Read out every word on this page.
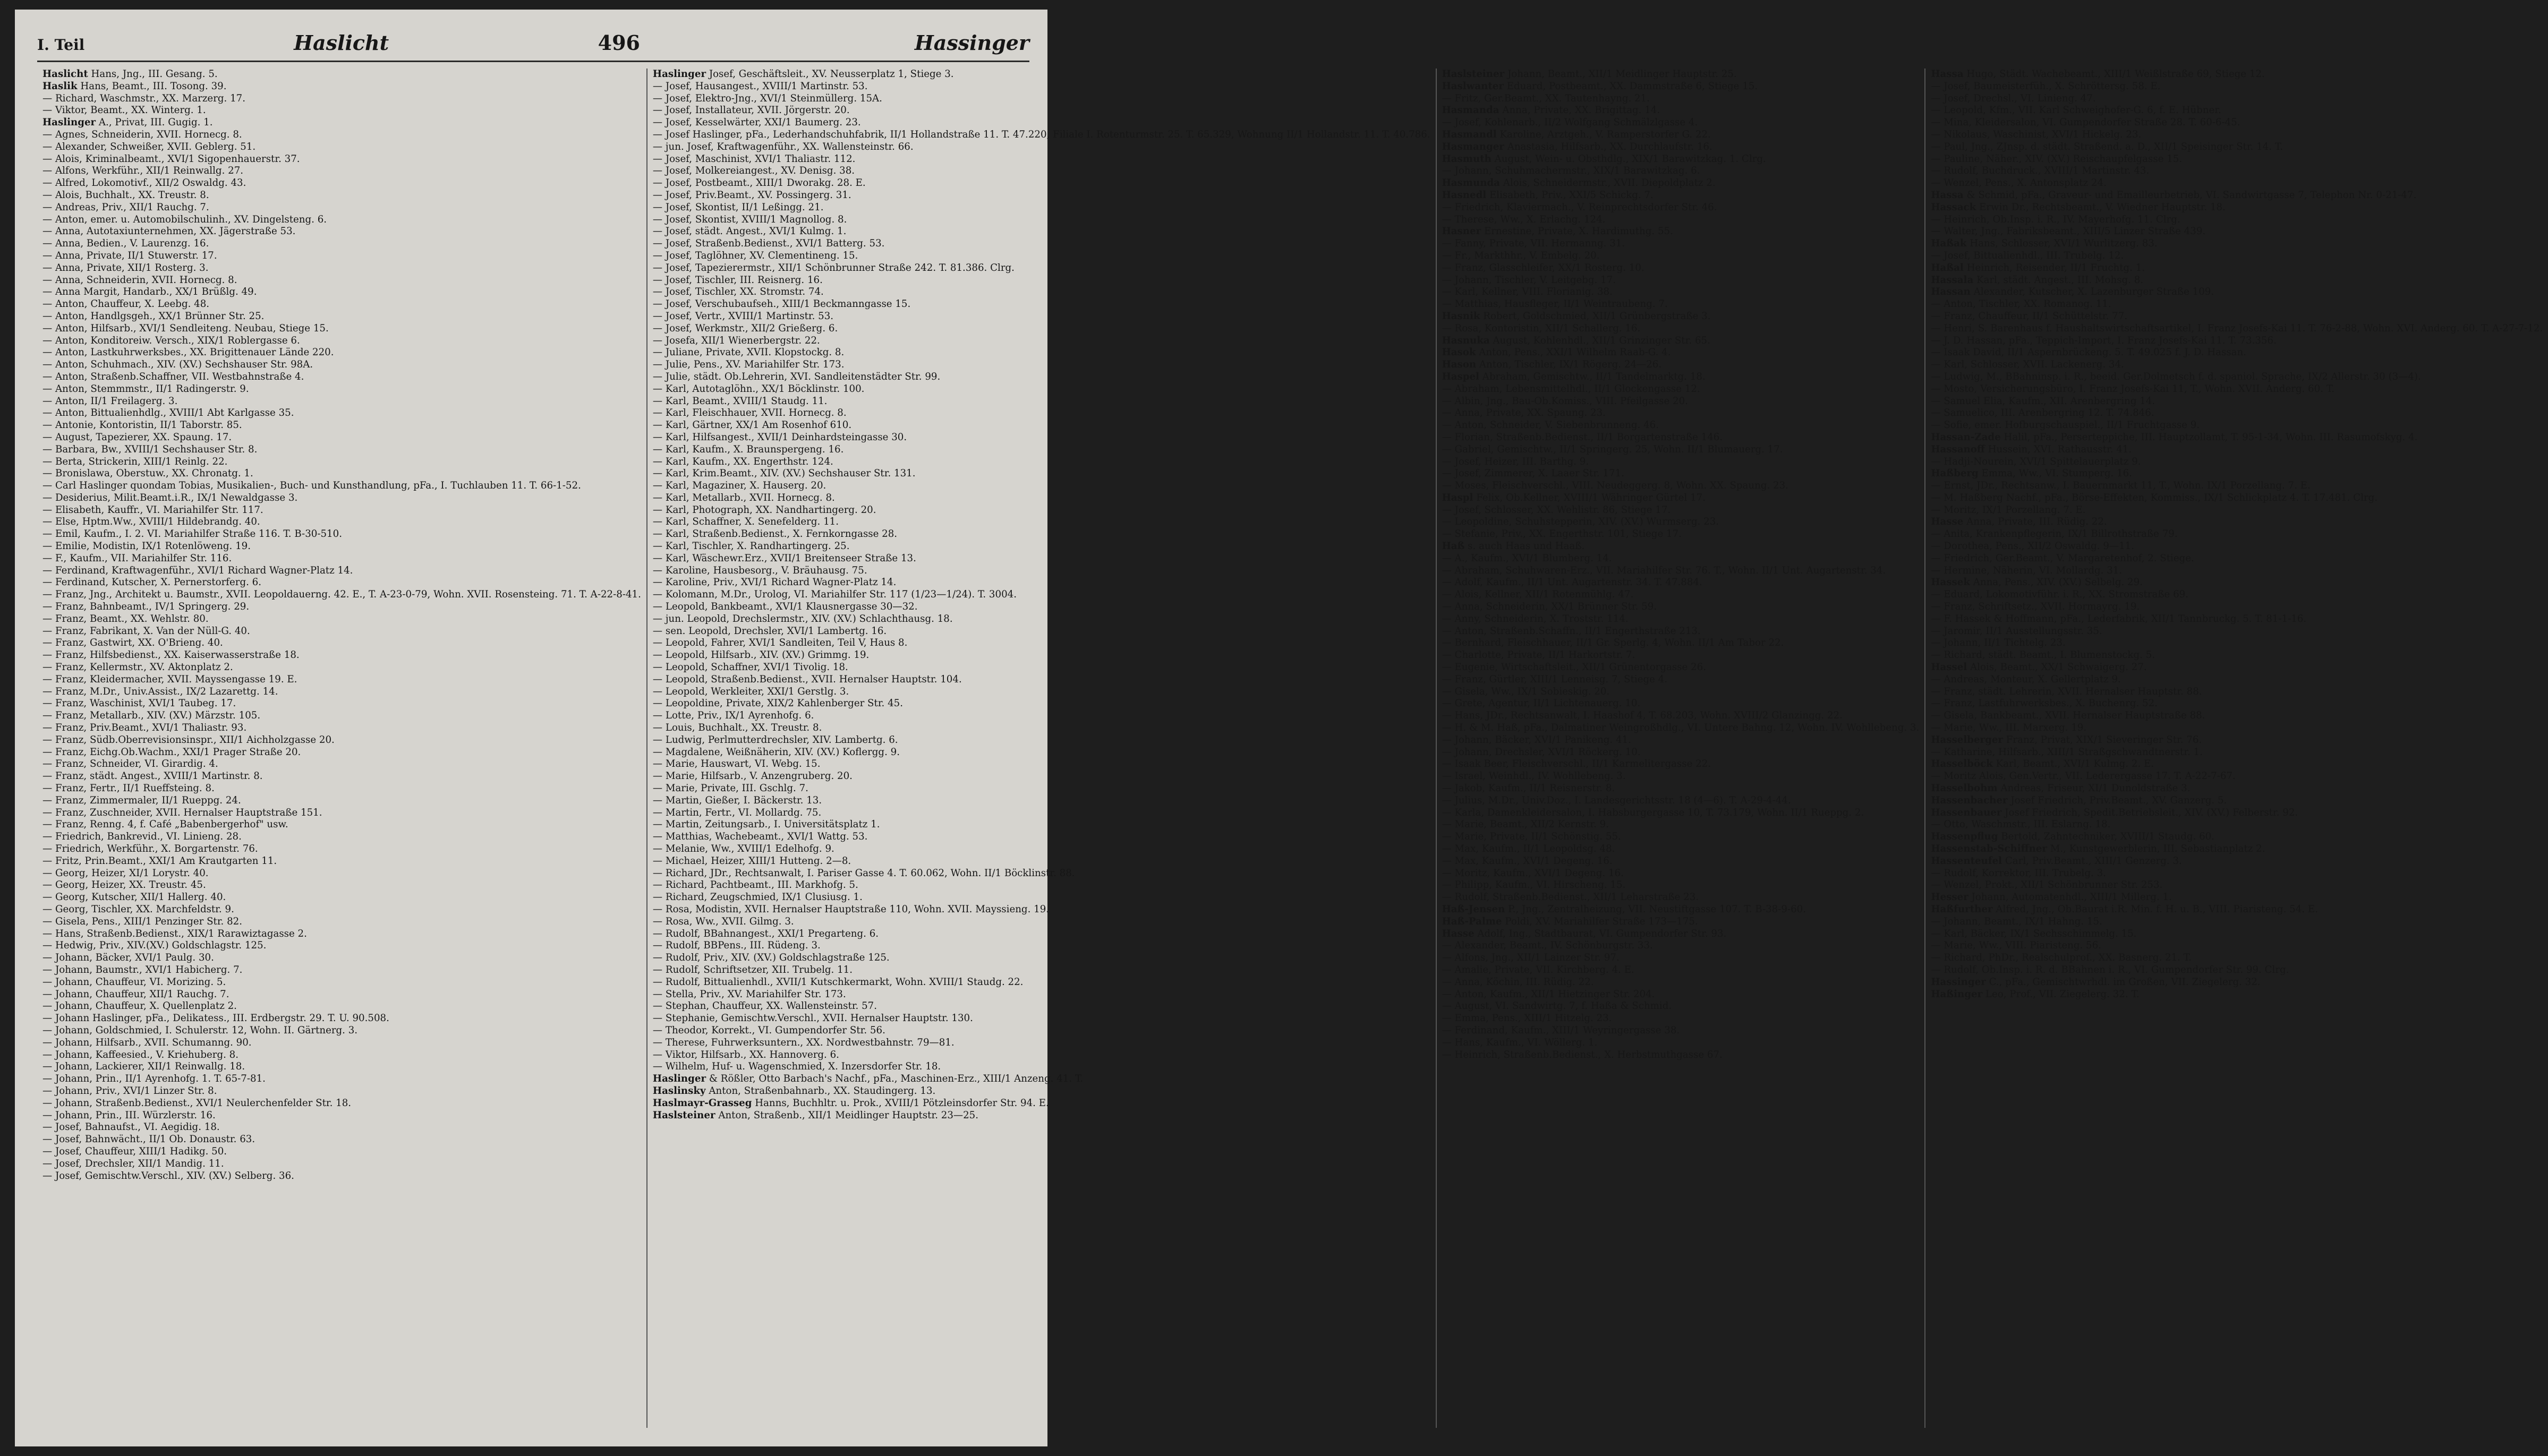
I. Teil	Haslicht	496	Hassinger

Haslicht Hans, Jng., III. Gesang. 5.

Haslik Hans, Beamt., III. Tosong. 39.

— Richard, Waschmstr., XX. Marzerg. 17.

— Viktor, Beamt., XX. Winterg. 1.

Haslinger A., Privat, III. Gugig. 1.

— Agnes, Schneiderin, XVII. Hornecg. 8.

— Alexander, Schweißer, XVII. Geblerg. 51.

— Alois, Kriminalbeamt., XVI/1 Sigopenhauerstr. 37.

— Alfons, Werkführ., XII/1 Reinwallg. 27.

— Alfred, Lokomotivf., XII/2 Oswaldg. 43.

— Alois, Buchhalt., XX. Treustr. 8.

— Andreas, Priv., XII/1 Rauchg. 7.

— Anton, emer. u. Automobilschulinh., XV. Dingelsteng. 6.

— Anna, Autotaxiunternehmen, XX. Jägerstraße 53.

— Anna, Bedien., V. Laurenzg. 16.

— Anna, Private, II/1 Stuwerstr. 17.

— Anna, Private, XII/1 Rosterg. 3.

— Anna, Schneiderin, XVII. Hornecg. 8.

— Anna Margit, Handarb., XX/1 Brüßlg. 49.

— Anton, Chauffeur, X. Leebg. 48.

— Anton, Handlgsgeh., XX/1 Brünner Str. 25.

— Anton, Hilfsarb., XVI/1 Sendleiteng. Neubau, Stiege 15.

— Anton, Konditoreiw. Versch., XIX/1 Roblergasse 6.

— Anton, Lastkuhrwerksbes., XX. Brigittenauer Lände 220.

— Anton, Schuhmach., XIV. (XV.) Sechshauser Str. 98A.

— Anton, Straßenb.Schaffner, VII. Westbahnstraße 4.

— Anton, Stemmmstr., II/1 Radingerstr. 9.

— Anton, II/1 Freilagerg. 3.

— Anton, Bittualienhdlg., XVIII/1 Abt Karlgasse 35.

— Antonie, Kontoristin, II/1 Taborstr. 85.

— August, Tapezierer, XX. Spaung. 17.

— Barbara, Bw., XVIII/1 Sechshauser Str. 8.

— Berta, Strickerin, XIII/1 Reinlg. 22.

— Bronislawa, Oberstuw., XX. Chronatg. 1.

— Carl Haslinger quondam Tobias, Musikalien-, Buch- und Kunsthandlung, pFa., I. Tuchlauben 11. T. 66-1-52.

— Desiderius, Milit.Beamt.i.R., IX/1 Newaldgasse 3.

— Elisabeth, Kauffr., VI. Mariahilfer Str. 117.

— Else, Hptm.Ww., XVIII/1 Hildebrandg. 40.

— Emil, Kaufm., I. 2. VI. Mariahilfer Straße 116. T. B-30-510.

— Emilie, Modistin, IX/1 Rotenlöweng. 19.

— F., Kaufm., VII. Mariahilfer Str. 116.

— Ferdinand, Kraftwagenführ., XVI/1 Richard Wagner-Platz 14.

— Ferdinand, Kutscher, X. Pernerstorferg. 6.

— Franz, Jng., Architekt u. Baumstr., XVII. Leopoldauerng. 42. E., T. A-23-0-79, Wohn. XVII. Rosensteing. 71. T. A-22-8-41.

— Franz, Bahnbeamt., IV/1 Springerg. 29.

— Franz, Beamt., XX. Wehlstr. 80.

— Franz, Fabrikant, X. Van der Nüll-G. 40.

— Franz, Gastwirt, XX. O'Brieng. 40.

— Franz, Hilfsbedienst., XX. Kaiserwasserstraße 18.

— Franz, Kellermstr., XV. Aktonplatz 2.

— Franz, Kleidermacher, XVII. Mayssengasse 19. E.

— Franz, M.Dr., Univ.Assist., IX/2 Lazarettg. 14.

— Franz, Waschinist, XVI/1 Taubeg. 17.

— Franz, Metallarb., XIV. (XV.) Märzstr. 105.

— Franz, Priv.Beamt., XVI/1 Thaliastr. 93.

— Franz, Südb.Oberrevisionsinspr., XII/1 Aichholzgasse 20.

— Franz, Eichg.Ob.Wachm., XXI/1 Prager Straße 20.

— Franz, Schneider, VI. Girardig. 4.

— Franz, städt. Angest., XVIII/1 Martinstr. 8.

— Franz, Fertr., II/1 Rueffsteing. 8.

— Franz, Zimmermaler, II/1 Rueppg. 24.

— Franz, Zuschneider, XVII. Hernalser Hauptstraße 151.

— Franz, Renng. 4, f. Café „Babenbergerhof" usw.

— Friedrich, Bankrevid., VI. Linieng. 28.

— Friedrich, Werkführ., X. Borgartenstr. 76.

— Fritz, Prin.Beamt., XXI/1 Am Krautgarten 11.

— Georg, Heizer, XI/1 Lorystr. 40.

— Georg, Heizer, XX. Treustr. 45.

— Georg, Kutscher, XII/1 Hallerg. 40.

— Georg, Tischler, XX. Marchfeldstr. 9.

— Gisela, Pens., XIII/1 Penzinger Str. 82.

— Hans, Straßenb.Bedienst., XIX/1 Rarawiztagasse 2.

— Hedwig, Priv., XIV.(XV.) Goldschlagstr. 125.

— Johann, Bäcker, XVI/1 Paulg. 30.

— Johann, Baumstr., XVI/1 Habicherg. 7.

— Johann, Chauffeur, VI. Morizing. 5.

— Johann, Chauffeur, XII/1 Rauchg. 7.

— Johann, Chauffeur, X. Quellenplatz 2.

— Johann Haslinger, pFa., Delikatess., III. Erdbergstr. 29. T. U. 90.508.

— Johann, Goldschmied, I. Schulerstr. 12, Wohn. II. Gärtnerg. 3.

— Johann, Hilfsarb., XVII. Schumanng. 90.

— Johann, Kaffeesied., V. Kriehuberg. 8.

— Johann, Lackierer, XII/1 Reinwallg. 18.

— Johann, Prin., II/1 Ayrenhofg. 1. T. 65-7-81.

— Johann, Priv., XVI/1 Linzer Str. 8.

— Johann, Straßenb.Bedienst., XVI/1 Neulerchenfelder Str. 18.

— Johann, Prin., III. Würzlerstr. 16.

— Josef, Bahnaufst., VI. Aegidig. 18.

— Josef, Bahnwächt., II/1 Ob. Donaustr. 63.

— Josef, Chauffeur, XIII/1 Hadikg. 50.

— Josef, Drechsler, XII/1 Mandig. 11.

— Josef, Gemischtw.Verschl., XIV. (XV.) Selberg. 36.

Haslinger Josef, Geschäftsleit., XV. Neusserplatz 1, Stiege 3.

— Josef, Hausangest., XVIII/1 Martinstr. 53.

— Josef, Elektro-Jng., XVI/1 Steinmüllerg. 15A.

— Josef, Installateur, XVII. Jörgerstr. 20.

— Josef, Kesselwärter, XXI/1 Baumerg. 23.

— Josef Haslinger, pFa., Lederhandschuhfabrik, II/1 Hollandstraße 11. T. 47.220, Filiale I. Rotenturmstr. 25. T. 65.329, Wohnung II/1 Hollandstr. 11. T. 40.786.

— jun. Josef, Kraftwagenführ., XX. Wallensteinstr. 66.

— Josef, Maschinist, XVI/1 Thaliastr. 112.

— Josef, Molkereiangest., XV. Denisg. 38.

— Josef, Postbeamt., XIII/1 Dworakg. 28. E.

— Josef, Priv.Beamt., XV. Possingerg. 31.

— Josef, Skontist, II/1 Leßingg. 21.

— Josef, Skontist, XVIII/1 Magnollog. 8.

— Josef, städt. Angest., XVI/1 Kulmg. 1.

— Josef, Straßenb.Bedienst., XVI/1 Batterg. 53.

— Josef, Taglöhner, XV. Clementineng. 15.

— Josef, Tapezierermstr., XII/1 Schönbrunner Straße 242. T. 81.386. Clrg.

— Josef, Tischler, III. Reisnerg. 16.

— Josef, Tischler, XX. Stromstr. 74.

— Josef, Verschubaufseh., XIII/1 Beckmanngasse 15.

— Josef, Vertr., XVIII/1 Martinstr. 53.

— Josef, Werkmstr., XII/2 Grießerg. 6.

— Josefa, XII/1 Wienerbergstr. 22.

— Juliane, Private, XVII. Klopstockg. 8.

— Julie, Pens., XV. Mariahilfer Str. 173.

— Julie, städt. Ob.Lehrerin, XVI. Sandleitenstädter Str. 99.

— Karl, Autotaglöhn., XX/1 Böcklinstr. 100.

— Karl, Beamt., XVIII/1 Staudg. 11.

— Karl, Fleischhauer, XVII. Hornecg. 8.

— Karl, Gärtner, XX/1 Am Rosenhof 610.

— Karl, Hilfsangest., XVII/1 Deinhardsteingasse 30.

— Karl, Kaufm., X. Braunspergeng. 16.

— Karl, Kaufm., XX. Engerthstr. 124.

— Karl, Krim.Beamt., XIV. (XV.) Sechshauser Str. 131.

— Karl, Magaziner, X. Hauserg. 20.

— Karl, Metallarb., XVII. Hornecg. 8.

— Karl, Photograph, XX. Nandhartingerg. 20.

— Karl, Schaffner, X. Senefelderg. 11.

— Karl, Straßenb.Bedienst., X. Fernkorngasse 28.

— Karl, Tischler, X. Randhartingerg. 25.

— Karl, Wäschewr.Erz., XVII/1 Breitenseer Straße 13.

— Karoline, Hausbesorg., V. Bräuhausg. 75.

— Karoline, Priv., XVI/1 Richard Wagner-Platz 14.

— Kolomann, M.Dr., Urolog, VI. Mariahilfer Str. 117 (1/23—1/24). T. 3004.

— Leopold, Bankbeamt., XVI/1 Klausnergasse 30—32.

— jun. Leopold, Drechslermstr., XIV. (XV.) Schlachthausg. 18.

— sen. Leopold, Drechsler, XVI/1 Lambertg. 16.

— Leopold, Fahrer, XVI/1 Sandleiten, Teil V, Haus 8.

— Leopold, Hilfsarb., XIV. (XV.) Grimmg. 19.

— Leopold, Schaffner, XVI/1 Tivolig. 18.

— Leopold, Straßenb.Bedienst., XVII. Hernalser Hauptstr. 104.

— Leopold, Werkleiter, XXI/1 Gerstlg. 3.

— Leopoldine, Private, XIX/2 Kahlenberger Str. 45.

— Lotte, Priv., IX/1 Ayrenhofg. 6.

— Louis, Buchhalt., XX. Treustr. 8.

— Ludwig, Perlmutterdrechsler, XIV. Lambertg. 6.

— Magdalene, Weißnäherin, XIV. (XV.) Koflergg. 9.

— Marie, Hauswart, VI. Webg. 15.

— Marie, Hilfsarb., V. Anzengruberg. 20.

— Marie, Private, III. Gschlg. 7.

— Martin, Gießer, I. Bäckerstr. 13.

— Martin, Fertr., VI. Mollardg. 75.

— Martin, Zeitungsarb., I. Universitätsplatz 1.

— Matthias, Wachebeamt., XVI/1 Wattg. 53.

— Melanie, Ww., XVIII/1 Edelhofg. 9.

— Michael, Heizer, XIII/1 Hutteng. 2—8.

— Richard, JDr., Rechtsanwalt, I. Pariser Gasse 4. T. 60.062, Wohn. II/1 Böcklinstr. 88.

— Richard, Pachtbeamt., III. Markhofg. 5.

— Richard, Zeugschmied, IX/1 Clusiusg. 1.

— Rosa, Modistin, XVII. Hernalser Hauptstraße 110, Wohn. XVII. Mayssieng. 19.

— Rosa, Ww., XVII. Gilmg. 3.

— Rudolf, BBahnangest., XXI/1 Pregarteng. 6.

— Rudolf, BBPens., III. Rüdeng. 3.

— Rudolf, Priv., XIV. (XV.) Goldschlagstraße 125.

— Rudolf, Schriftsetzer, XII. Trubelg. 11.

— Rudolf, Bittualienhdl., XVII/1 Kutschkermarkt, Wohn. XVIII/1 Staudg. 22.

— Stella, Priv., XV. Mariahilfer Str. 173.

— Stephan, Chauffeur, XX. Wallensteinstr. 57.

— Stephanie, Gemischtw.Verschl., XVII. Hernalser Hauptstr. 130.

— Theodor, Korrekt., VI. Gumpendorfer Str. 56.

— Therese, Fuhrwerksuntern., XX. Nordwestbahnstr. 79—81.

— Viktor, Hilfsarb., XX. Hannoverg. 6.

— Wilhelm, Huf- u. Wagenschmied, X. Inzersdorfer Str. 18.

Haslinger & Rößler, Otto Barbach's Nachf., pFa., Maschinen-Erz., XIII/1 Anzeng. 41. T.

Haslinsky Anton, Straßenbahnarb., XX. Staudingerg. 13.

Haslmayr-Grasseg Hanns, Buchhltr. u. Prok., XVIII/1 Pötzleinsdorfer Str. 94. E.

Haslsteiner Anton, Straßenb., XII/1 Meidlinger Hauptstr. 23—25.

Haslsteiner Johann, Beamt., XII/1 Meidlinger Hauptstr. 25.

Haslwanter Eduard, Postbeamt., XX. Dammstraße 6, Stiege 15.

— Fritz, Ger.Beamt., XX. Tautenhayng. 21.

Hasmanda Anna, Private, XX. Brigittag. 14.

— Josef, Kohlenarb., II/2 Wolfgang Schmälzlgasse 4.

Hasmandl Karoline, Arztgeh., V. Ramperstorfer G. 22.

Hasmanger Anastasia, Hilfsarb., XX. Durchlaufstr. 16.

Hasmuth August, Wein- u. Obsthdlg., XIX/1 Barawitzkag. 1. Clrg.

— Johann, Schuhmachermstr., XIX/1 Barawitzkag. 6.

Hasmunda Alois, Schneidermstr., XVII. Diepoldplatz 2.

Hasnedl Elisabeth, Priv., XXI/5 Schickg. 7.

— Friedrich, Klaviermach., V. Reinprechtsdorfer Str. 46.

— Therese, Ww., X. Erlachg. 124.

Hasner Ernestine, Private, X. Hardimuthg. 55.

— Fanny, Private, VII. Hermanng. 31.

— Fr., Markthhr., V. Embelg. 20.

— Franz, Glasschleifer, XX/1 Rosterg. 10.

— Johann, Tischler, V. Leitgebg. 17.

— Karl, Kellner, VIII. Florianig. 38.

— Matthias, Hausfleger, II/1 Weintraubeng. 7.

Hasnik Robert, Goldschmied, XII/1 Grünbergstraße 3.

— Rosa, Kontoristin, XII/1 Schallerg. 16.

Hasnuka August, Kohlenhdl., XII/1 Grinzinger Str. 65.

Hasok Anton, Pens., XXI/1 Wilhelm Raab-G. 4.

Hason Anton, Tischler, IX/1 Rögerg. 24—26.

Haspel Abraham, Gemischtw., II/1 Tandelmarktg. 18.

— Abraham, Lebensmittelhdl., II/1 Glockengasse 12.

— Albin, Jng., Bau-Ob.Komiss., VIII. Pfeilgasse 20.

— Anna, Private, XX. Spaung. 23.

— Anton, Schneider, V. Siebenbrunneng. 46.

— Florian, Straßenb.Bedienst., II/1 Borgartenstraße 146.

— Gabriel, Gemischtw., II/1 Springerg. 25, Wohn. II/1 Blumauerg. 17.

— Josef, Heizer, III. Barthg. 9.

— Josef, Zimmerer, X. Laaer Str. 171.

— Moses, Fleischverschl., VIII. Neudeggerg. 8, Wohn. XX. Spaung. 23.

Haspl Felix, Ob.Kellner, XVIII/1 Währinger Gürtel 17.

— Josef, Schlosser, XX. Wehlistr. 86, Stiege 17.

— Leopoldine, Schuhstepperin, XIV. (XV.) Wurmserg. 23.

— Stefanie, Priv., XX. Engerthstr. 101, Stiege 17.

Haß s. auch Haas und Haaß.

— A., Kaufm., XVI/1 Blumberg. 14.

— Abraham, Schuhwaren-Erz., VII. Mariahilfer Str. 76. T., Wohn. II/1 Unt. Augartenstr. 34.

— Adolf, Kaufm., II/1 Unt. Augartenstr. 34. T. 47.884.

— Alois, Kellner, XII/1 Rotenmühlg. 47.

— Anna, Schneiderin, XX/1 Brünner Str. 59.

— Anny, Schneiderin, X. Troststr. 114.

— Anton, Straßenb.Schaffn., II/1 Engerthstraße 213.

— Bernhard, Fleischhauer, II/1 Gr. Sperlg. 4, Wohn. II/1 Am Tabor 22.

— Charlotte, Private, II/1 Harkortstr. 7.

— Eugenie, Wirtschaftsleit., XII/1 Grünentorgasse 26.

— Franz, Gürtler, XIII/1 Lenneisg. 7, Stiege 4.

— Gisela, Ww., IX/1 Sobieskig. 20.

— Grete, Agentur, II/1 Lichtenauerg. 10.

— Hans, JDr., Rechtsanwalt, I. Haashof 4, T. 68.203, Wohn. XVIII/2 Glanzingg. 22.

— H. & M. Haß, pFa., Dalmatiner Weingroßhdlg., VI. Untere Bahng. 12, Wohn. IV. Wohllebeng. 3.

— Johann, Bäcker, XVI/1 Panikeng. 41.

— Johann, Drechsler, XVI/1 Röckerg. 10.

— Isaak Beer, Fleischverschl., II/1 Karmelitergasse 22.

— Israel, Weinhdl., IV. Wohllebeng. 3.

— Jakob, Kaufm., II/1 Reisnerstr. 8.

— Julius, M.Dr., Univ.Doz., I. Landesgerichtsstr. 18 (4—6). T. A-29-4-44.

— Karla, Damenkleidersalon, I. Habsburgergasse 10, T. 73.179, Wohn. II/1 Rueppg. 2.

— Marie, Beamt., XII/2 Kernstr. 9.

— Marie, Private, II/1 Schönstig. 55.

— Max, Kaufm., II/1 Leopoldsg. 48.

— Max, Kaufm., XVI/1 Degeng. 16.

— Moritz, Kaufm., XVI/1 Degeng. 16.

— Philipp, Kaufm., VI. Hirscheng. 15.

— Rudolf, Straßenb.Bedienst., XII/1 Leharstraße 23.

Haß-Jensen P., Jng., Zentralheizung, VII. Neustiftgasse 107. T. B-38-9-60.

Haß-Palme Poldi, XV. Mariahilfer Straße 173—175.

Hasse Adolf, Ing., Stadtbaurat, VI. Gumpendorfer Str. 93.

— Alexander, Beamt., IV. Schönburgstr. 33.

— Alfons, Jng., XII/1 Lainzer Str. 97.

— Amalie, Private, VII. Kirchberg. 4. E.

— Anna, Köchin, III. Rüdig. 22.

— Anton, Kaufm., XII/1 Hietzinger Str. 204.

— August, VI. Sandwirtg. 7, f. Haßa & Schmid.

— Emma, Pens., XIII/1 Hitzelg. 23.

— Ferdinand, Kaufm., XIII/1 Weyringergasse 38.

— Hans, Kaufm., VI. Wöllerg. 1.

— Heinrich, Straßenb.Bedienst., X. Herbstmuthgasse 67.

Hassa Hugo, Städt. Wachebeamt., XIII/1 Weißlstraße 69, Stiege 12.

— Josef, Baumeisterfüh., X. Schröttersg. 58. E.

— Josef, Drechsl., VI. Linieng. 47.

— Leopold, Kfm., VII. Karl Schweighofer-G. 6, f. E. Hübner.

— Mina, Kleidersalon, VI. Gumpendorfer Straße 28. T. 60-6-45.

— Nikolaus, Waschinist, XVI/1 Hickelg. 23.

— Paul, Jng., ZJnsp. d. städt. Straßend. a. D., XII/1 Speisinger Str. 14. T.

— Pauline, Näher., XIV. (XV.) Reischaupfelgasse 15.

— Rudolf, Buchdruck., XVIII/1 Martinstr. 43.

— Wenzel, Pens., X. Antonsplatz 24.

Hassa & Schmid, pFa., Graveur- und Emailleurbetrieb, VI. Sandwirtgasse 7, Telephon Nr. 0-21-47.

Hassack Erwin Dr., Rechtsbeamt., V. Wiedner Hauptstr. 18.

— Heinrich, Ob.Insp. i. R., IV. Mayerhofg. 11. Clrg.

— Walter, Jng., Fabriksbeamt., XIII/5 Linzer Straße 439.

Haßak Hans, Schlosser, XVI/1 Wurlitzerg. 83.

— Josef, Bittualienhdl., III. Trubelg. 12.

Haßal Heinrich, Reisender, II/1 Fruchtg. 1.

Hassala Karl, städt. Angest., III. Mohsg. 8.

Hassan Alexander, Kutscher, X. Lazenburger Straße 109.

— Anton, Tischler, XX. Romanog. 11.

— Franz, Chauffeur, II/1 Schüttelstr. 77.

— Henri, S. Barenhaus f. Haushaltswirtschaftsartikel, I. Franz Josefs-Kai 11. T. 76-2-88, Wohn. XVI. Anderg. 60. T. A-27-7-12.

— J. D. Hassan, pFa., Teppich-Import, I. Franz Josefs-Kai 11. T. 73.356.

— Isaak David, II/1 Aspernbrückeng. 5. T. 49.025 f. J. D. Hassan.

— Karl, Schlosser, XVII. Lackenerg. 34.

— Ludwig, M., BBahninsp. i. R., beeid. Ger.Dolmetsch f. d. spaniol. Sprache, IX/2 Allerstr. 30 (3—4).

— Mosto, Versicherungsbüro, I. Franz Josefs-Kai 11, T., Wohn. XVII. Anderg. 60. T.

— Samuel Elia, Kaufm., XII. Arenbergring 14.

— Samuelico, III. Arenbergring 12. T. 74.846.

— Sofie, emer. Hofburgschauspiel., II/1 Fruchtgasse 9.

Hassan-Zade Halil, pFa., Perserteppiche, III. Hauptzollamt, T. 95-1-34, Wohn. III. Rasumofskyg. 4.

Hassanoff Hussein, XVI. Rathausstr. 41.

— Hadji-Nourein, XVI/1 Spittelauerplatz 9.

Haßberg Emma, Ww., VI. Stumperg. 16.

— Ernst, JDr., Rechtsanw., I. Bauernmarkt 11, T., Wohn. IX/1 Porzellang. 7. E.

— M. Haßberg Nachf., pFa., Börse-Effekten, Kommiss., IX/1 Schlickplatz 4. T. 17.481. Clrg.

— Moritz, IX/1 Porzellang. 7. E.

Hasse Anna, Private, III. Rüdig. 22.

— Anita, Krankenpflegerin, IX/1 Billrothstraße 79.

— Dorothea, Pens., XII/2 Oswaldg. 9—11.

— Friedrich, Ger.Beamt., V. Margaretenhof, 2. Stiege.

— Hermine, Näherin, VI. Mollardg. 31.

Hassek Anna, Pens., XIV. (XV.) Selbelg. 29.

— Eduard, Lokomotivführ. i. R., XX. Stromstraße 69.

— Franz, Schriftsetz., XVII. Hormayrg. 19.

— F. Hassek & Hoffmann, pFa., Lederfabrik, XII/1 Tannbruckg. 5. T. 81-1-16.

— Jaromir, II/1 Ausstellungsstr. 35.

— Johann, II/1 Tichtelg. 23.

— Richard, städt. Beamt., I. Blumenstockg. 5.

Hassel Alois, Beamt., XX/1 Schwaigerg. 27.

— Andreas, Monteur, X. Gellertplatz 9.

— Franz, städt. Lehrerin, XVII. Hernalser Hauptstr. 88.

— Franz, Lastfuhrwerksbes., X. Buchenrg. 52.

— Gisela, Bankbeamt., XVII. Hernalser Hauptstraße 88.

— Marie, Ww., III. Marxerg. 19.

Hasselberger Franz, Privat, XIX/1 Sieveringer Str. 76.

— Katharine, Hilfsarb., XIII/1 Straßgschwandtnerstr. 1.

Hasselböck Karl, Beamt., XVI/1 Kulmg. 2. E.

— Moritz Alois, Gen.Vertr., VII. Lederergasse 17. T. A-22-7-67.

Hasselbohm Andreas, Friseur, XI/1 Dunoldstraße 3.

Hassenbacher Josef Friedrich, Priv.Beamt., XV. Ganzerg. 5.

Hassenbauer Josef Friedrich, Spedit.Betriebsleit., XIV. (XV.) Felberstr. 92.

— Otto, Waschmstr., III. Eslarng. 18.

Hassenpflug Bertold, Zahntechniker, XVIII/1 Staudg. 60.

Hassenstab-Schiffner M., Kunstgewerblerin, III. Sebastianplatz 2.

Hassenteufel Carl, Priv.Beamt., XIII/1 Genzerg. 3.

— Rudolf, Korrektor, III. Trubelg. 3.

— Wenzel, Prokt., XII/1 Schönbrunner Str. 253.

Hesser Johann, Automatenhdl., XIII/1 Millerg. 1.

Haßfurther Alfred, Jng., Ob.Baurat i.R. Min. f. H. u. B., VIII. Piaristeng. 54. E.

— Johann, Beamt., IX/1 Hahng. 15.

— Karl, Bäcker, IX/1 Sechsschimmelg. 15.

— Marie, Ww., VIII. Piaristeng. 56.

— Richard, PhDr., Realschulprof., XX. Basnerg. 21. T.

— Rudolf, Ob.Insp. i. R. d. BBahnen i. R., VI. Gumpendorfer Str. 99. Clrg.

Hassinger C., pFa., Gemischtwrhdl. im Großen, VII. Ziegelerg. 32.

Haßinger Leo, Prof., VII. Ziegelerg. 32. T.
